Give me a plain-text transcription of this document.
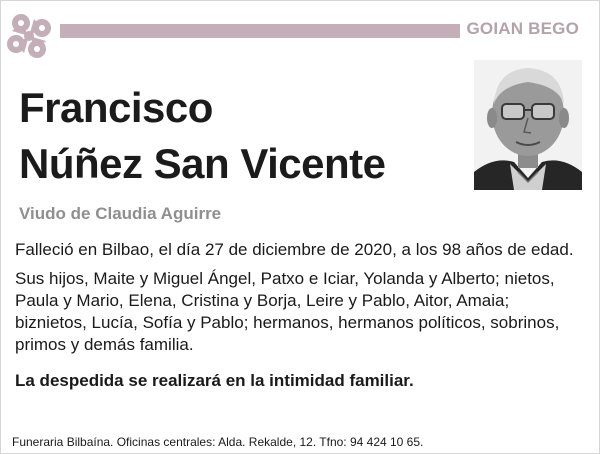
GOIAN BEGO
Francisco
Núñez San Vicente
Viudo de Claudia Aguirre
Falleció en Bilbao, el día 27 de diciembre de 2020, a los 98 años de edad.
Sus hijos, Maite y Miguel Ángel, Patxo e Iciar, Yolanda y Alberto; nietos, Paula y Mario, Elena, Cristina y Borja, Leire y Pablo, Aitor, Amaia; biznietos, Lucía, Sofía y Pablo; hermanos, hermanos políticos, sobrinos, primos y demás familia.
La despedida se realizará en la intimidad familiar.
Funeraria Bilbaína. Oficinas centrales: Alda. Rekalde, 12. Tfno: 94 424 10 65.
